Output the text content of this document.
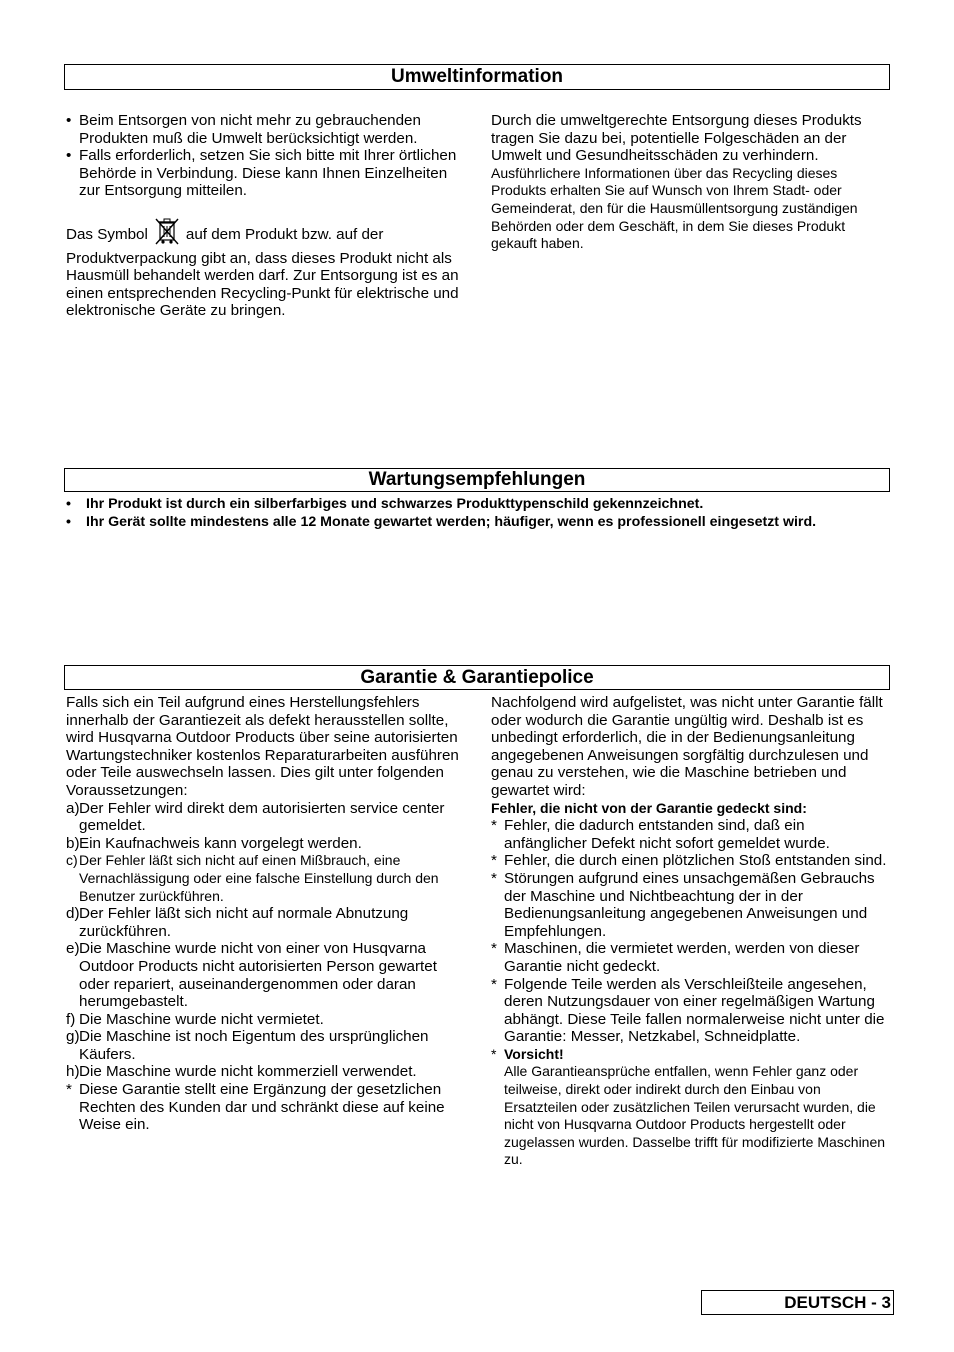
Umweltinformation

• Beim Entsorgen von nicht mehr zu gebrauchenden Produkten muß die Umwelt berücksichtigt werden.

• Falls erforderlich, setzen Sie sich bitte mit Ihrer örtlichen Behörde in Verbindung. Diese kann Ihnen Einzelheiten zur Entsorgung mitteilen.

Das Symbol	auf dem Produkt bzw. auf der Produktverpackung gibt an, dass dieses Produkt nicht als Hausmüll behandelt werden darf. Zur Entsorgung ist es an einen entsprechenden Recycling-Punkt für elektrische und elektronische Geräte zu bringen.

Durch die umweltgerechte Entsorgung dieses Produkts tragen Sie dazu bei, potentielle Folgeschäden an der Umwelt und Gesundheitsschäden zu verhindern.

Ausführlichere Informationen über das Recycling dieses Produkts erhalten Sie auf Wunsch von Ihrem Stadt- oder Gemeinderat, den für die Hausmüllentsorgung zuständigen Behörden oder dem Geschäft, in dem Sie dieses Produkt gekauft haben.

Wartungsempfehlungen

• Ihr Produkt ist durch ein silberfarbiges und schwarzes Produkttypenschild gekennzeichnet.

• Ihr Gerät sollte mindestens alle 12 Monate gewartet werden; häufiger, wenn es professionell eingesetzt wird.

Garantie & Garantiepolice

Falls sich ein Teil aufgrund eines Herstellungsfehlers innerhalb der Garantiezeit als defekt herausstellen sollte, wird Husqvarna Outdoor Products über seine autorisierten Wartungstechniker kostenlos Reparaturarbeiten ausführen oder Teile auswechseln lassen. Dies gilt unter folgenden Voraussetzungen:

a) Der Fehler wird direkt dem autorisierten service center gemeldet.

b) Ein Kaufnachweis kann vorgelegt werden.

c) Der Fehler läßt sich nicht auf einen Mißbrauch, eine Vernachlässigung oder eine falsche Einstellung durch den Benutzer zurückführen.

d) Der Fehler läßt sich nicht auf normale Abnutzung zurückführen.

e) Die Maschine wurde nicht von einer von Husqvarna Outdoor Products nicht autorisierten Person gewartet oder repariert, auseinandergenommen oder daran herumgebastelt.

f) Die Maschine wurde nicht vermietet.

g) Die Maschine ist noch Eigentum des ursprünglichen Käufers.

h) Die Maschine wurde nicht kommerziell verwendet.

* Diese Garantie stellt eine Ergänzung der gesetzlichen Rechten des Kunden dar und schränkt diese auf keine Weise ein.

Nachfolgend wird aufgelistet, was nicht unter Garantie fällt oder wodurch die Garantie ungültig wird. Deshalb ist es unbedingt erforderlich, die in der Bedienungsanleitung angegebenen Anweisungen sorgfältig durchzulesen und genau zu verstehen, wie die Maschine betrieben und gewartet wird:

Fehler, die nicht von der Garantie gedeckt sind:

* Fehler, die dadurch entstanden sind, daß ein anfänglicher Defekt nicht sofort gemeldet wurde.

* Fehler, die durch einen plötzlichen Stoß entstanden sind.

* Störungen aufgrund eines unsachgemäßen Gebrauchs der Maschine und Nichtbeachtung der in der Bedienungsanleitung angegebenen Anweisungen und Empfehlungen.

* Maschinen, die vermietet werden, werden von dieser Garantie nicht gedeckt.

* Folgende Teile werden als Verschleißteile angesehen, deren Nutzungsdauer von einer regelmäßigen Wartung abhängt. Diese Teile fallen normalerweise nicht unter die Garantie: Messer, Netzkabel, Schneidplatte.

* Vorsicht!
Alle Garantieansprüche entfallen, wenn Fehler ganz oder teilweise, direkt oder indirekt durch den Einbau von Ersatzteilen oder zusätzlichen Teilen verursacht wurden, die nicht von Husqvarna Outdoor Products hergestellt oder zugelassen wurden. Dasselbe trifft für modifizierte Maschinen zu.

DEUTSCH - 3
